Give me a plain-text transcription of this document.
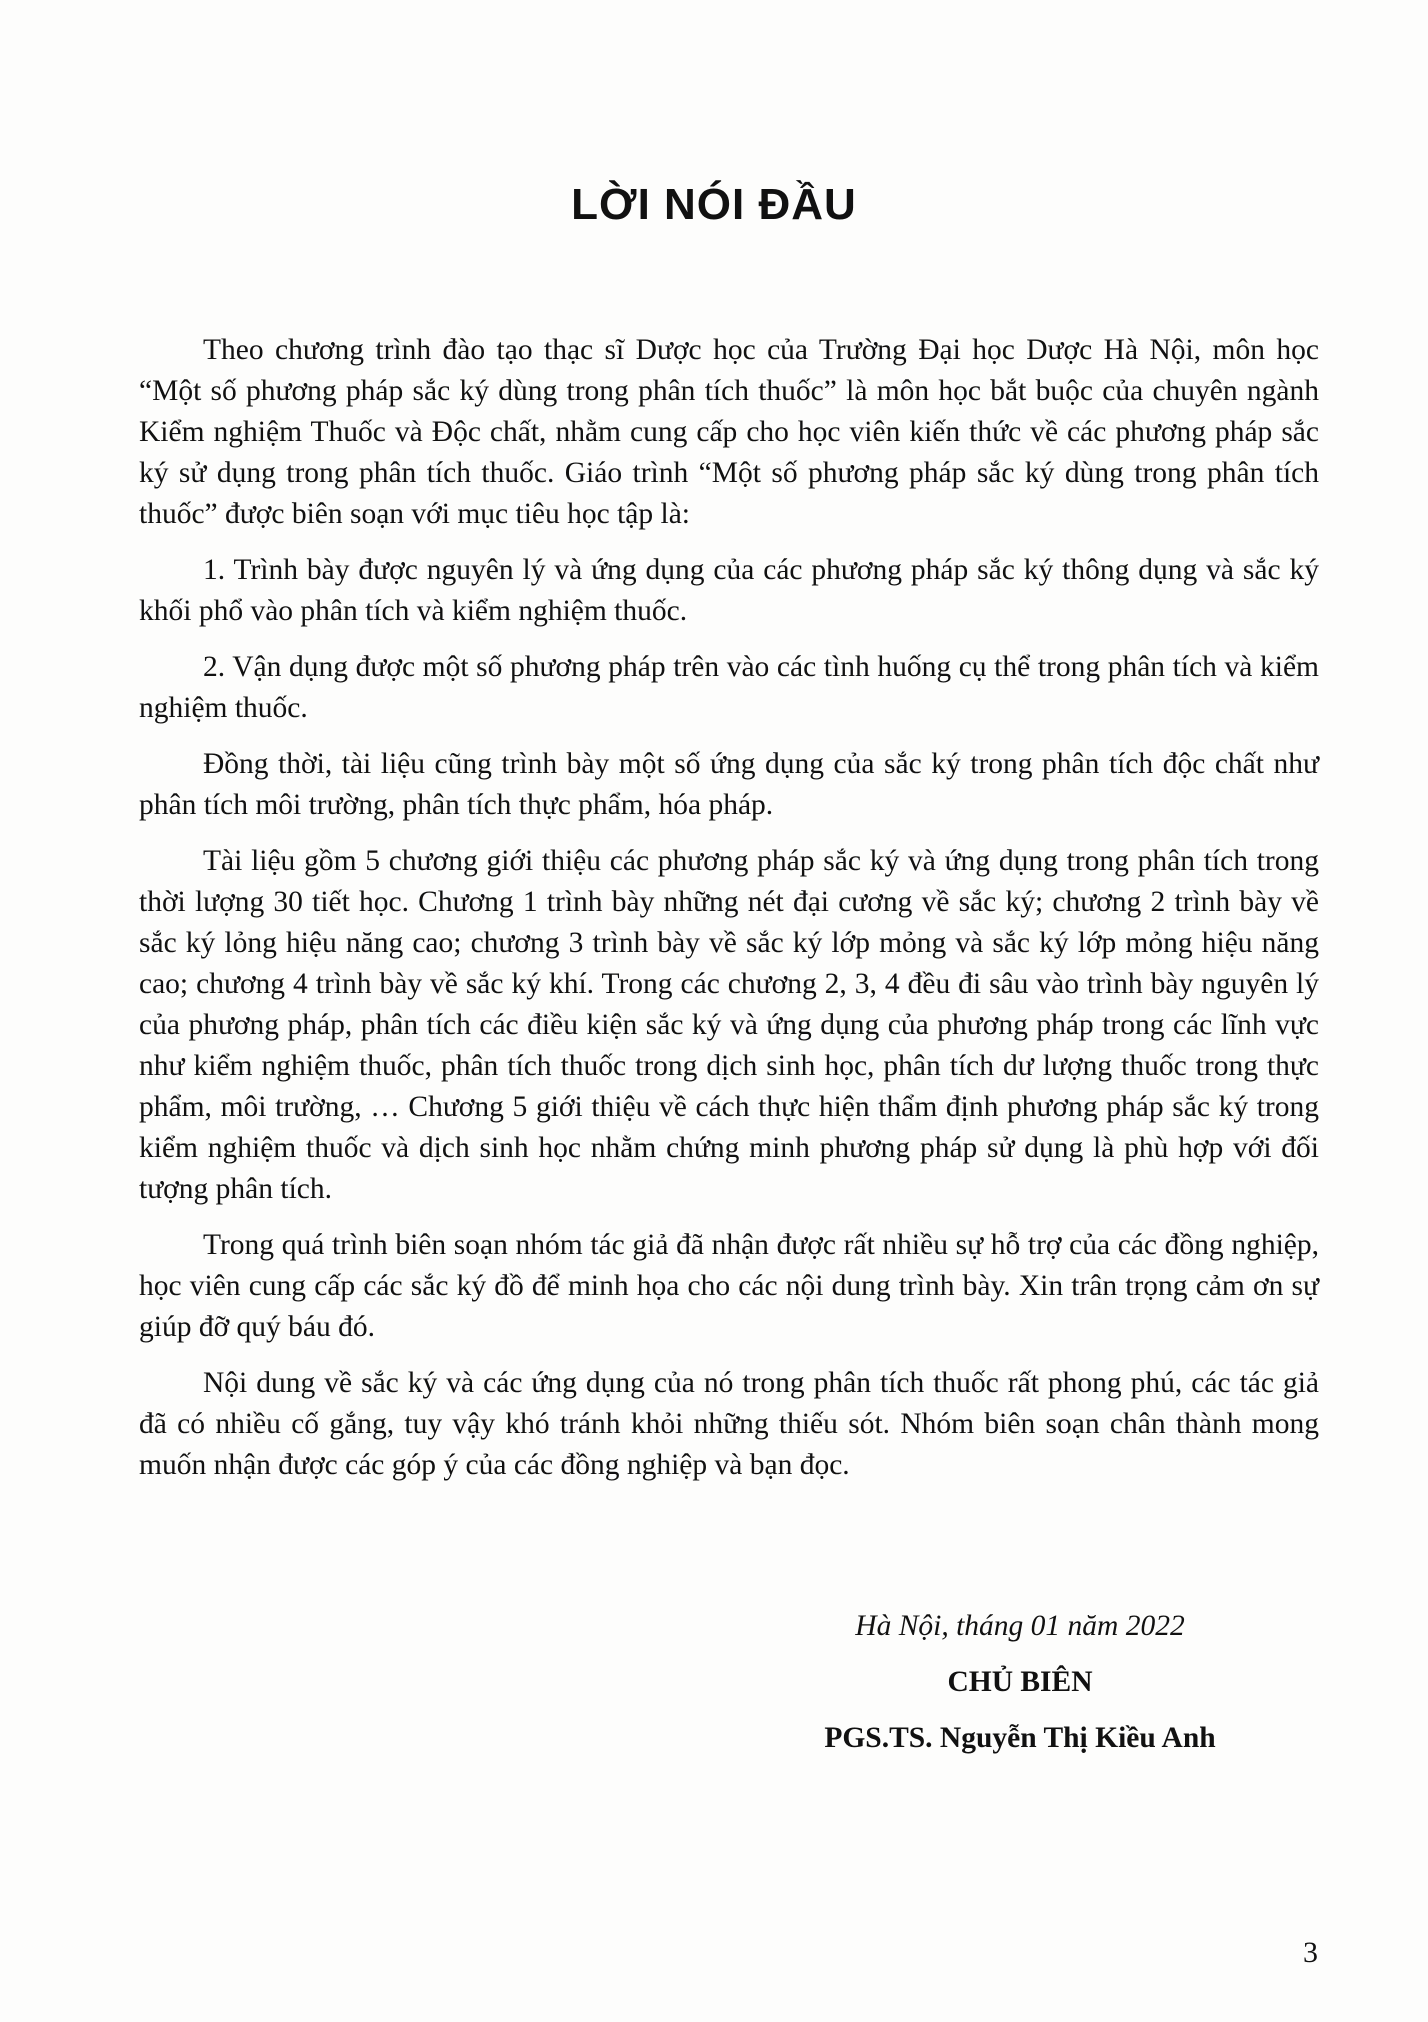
LỜI NÓI ĐẦU

Theo chương trình đào tạo thạc sĩ Dược học của Trường Đại học Dược Hà Nội, môn học “Một số phương pháp sắc ký dùng trong phân tích thuốc” là môn học bắt buộc của chuyên ngành Kiểm nghiệm Thuốc và Độc chất, nhằm cung cấp cho học viên kiến thức về các phương pháp sắc ký sử dụng trong phân tích thuốc. Giáo trình “Một số phương pháp sắc ký dùng trong phân tích thuốc” được biên soạn với mục tiêu học tập là:

1. Trình bày được nguyên lý và ứng dụng của các phương pháp sắc ký thông dụng và sắc ký khối phổ vào phân tích và kiểm nghiệm thuốc.

2. Vận dụng được một số phương pháp trên vào các tình huống cụ thể trong phân tích và kiểm nghiệm thuốc.

Đồng thời, tài liệu cũng trình bày một số ứng dụng của sắc ký trong phân tích độc chất như phân tích môi trường, phân tích thực phẩm, hóa pháp.

Tài liệu gồm 5 chương giới thiệu các phương pháp sắc ký và ứng dụng trong phân tích trong thời lượng 30 tiết học. Chương 1 trình bày những nét đại cương về sắc ký; chương 2 trình bày về sắc ký lỏng hiệu năng cao; chương 3 trình bày về sắc ký lớp mỏng và sắc ký lớp mỏng hiệu năng cao; chương 4 trình bày về sắc ký khí. Trong các chương 2, 3, 4 đều đi sâu vào trình bày nguyên lý của phương pháp, phân tích các điều kiện sắc ký và ứng dụng của phương pháp trong các lĩnh vực như kiểm nghiệm thuốc, phân tích thuốc trong dịch sinh học, phân tích dư lượng thuốc trong thực phẩm, môi trường, … Chương 5 giới thiệu về cách thực hiện thẩm định phương pháp sắc ký trong kiểm nghiệm thuốc và dịch sinh học nhằm chứng minh phương pháp sử dụng là phù hợp với đối tượng phân tích.

Trong quá trình biên soạn nhóm tác giả đã nhận được rất nhiều sự hỗ trợ của các đồng nghiệp, học viên cung cấp các sắc ký đồ để minh họa cho các nội dung trình bày. Xin trân trọng cảm ơn sự giúp đỡ quý báu đó.

Nội dung về sắc ký và các ứng dụng của nó trong phân tích thuốc rất phong phú, các tác giả đã có nhiều cố gắng, tuy vậy khó tránh khỏi những thiếu sót. Nhóm biên soạn chân thành mong muốn nhận được các góp ý của các đồng nghiệp và bạn đọc.

Hà Nội, tháng 01 năm 2022
CHỦ BIÊN
PGS.TS. Nguyễn Thị Kiều Anh
3
